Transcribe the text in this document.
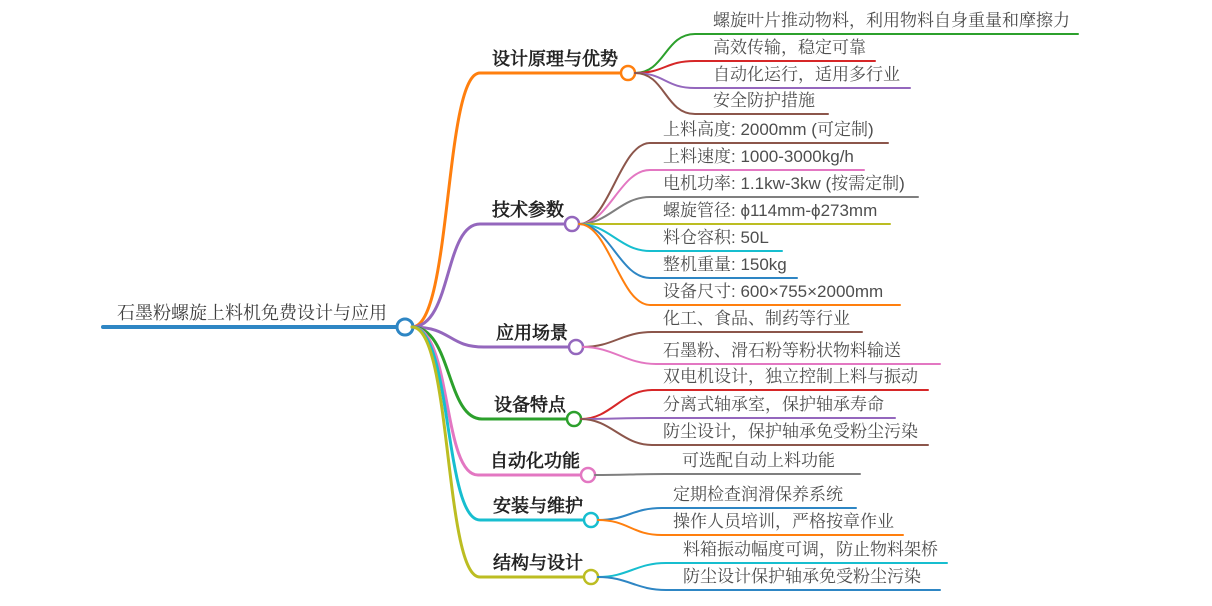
石墨粉螺旋上料机免费设计与应用
设计原理与优势
螺旋叶片推动物料，利用物料自身重量和摩擦力
高效传输，稳定可靠
自动化运行，适用多行业
安全防护措施
技术参数
上料高度: 2000mm (可定制)
上料速度: 1000-3000kg/h
电机功率: 1.1kw-3kw (按需定制)
螺旋管径: ϕ114mm-ϕ273mm
料仓容积: 50L
整机重量: 150kg
设备尺寸: 600×755×2000mm
应用场景
化工、食品、制药等行业
石墨粉、滑石粉等粉状物料输送
设备特点
双电机设计，独立控制上料与振动
分离式轴承室，保护轴承寿命
防尘设计，保护轴承免受粉尘污染
自动化功能	可选配自动上料功能
安装与维护
定期检查润滑保养系统
操作人员培训，严格按章作业
结构与设计
料箱振动幅度可调，防止物料架桥
防尘设计保护轴承免受粉尘污染
